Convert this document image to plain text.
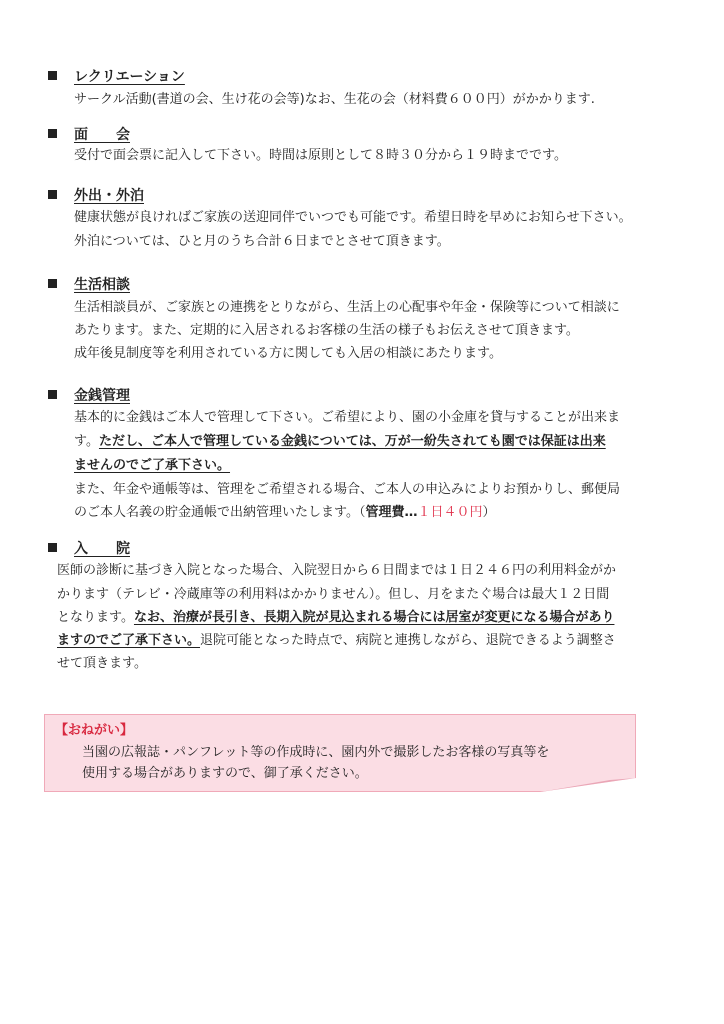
レクリエーション
サークル活動(書道の会、生け花の会等)なお、生花の会（材料費６００円）がかかります.
面　　会
受付で面会票に記入して下さい。時間は原則として８時３０分から１９時までです。
外出・外泊
健康状態が良ければご家族の送迎同伴でいつでも可能です。希望日時を早めにお知らせ下さい。
外泊については、ひと月のうち合計６日までとさせて頂きます。
生活相談
生活相談員が、ご家族との連携をとりながら、生活上の心配事や年金・保険等について相談に
あたります。また、定期的に入居されるお客様の生活の様子もお伝えさせて頂きます。
成年後見制度等を利用されている方に関しても入居の相談にあたります。
金銭管理
基本的に金銭はご本人で管理して下さい。ご希望により、園の小金庫を貸与することが出来ま
す。ただし、ご本人で管理している金銭については、万が一紛失されても園では保証は出来
ませんのでご了承下さい。
また、年金や通帳等は、管理をご希望される場合、ご本人の申込みによりお預かりし、郵便局
のご本人名義の貯金通帳で出納管理いたします。（管理費…１日４０円）
入　　院
医師の診断に基づき入院となった場合、入院翌日から６日間までは１日２４６円の利用料金がか
かります（テレビ・冷蔵庫等の利用料はかかりません）。但し、月をまたぐ場合は最大１２日間
となります。なお、治療が長引き、長期入院が見込まれる場合には居室が変更になる場合があり
ますのでご了承下さい。退院可能となった時点で、病院と連携しながら、退院できるよう調整さ
せて頂きます。
【おねがい】
当園の広報誌・パンフレット等の作成時に、園内外で撮影したお客様の写真等を
使用する場合がありますので、御了承ください。
